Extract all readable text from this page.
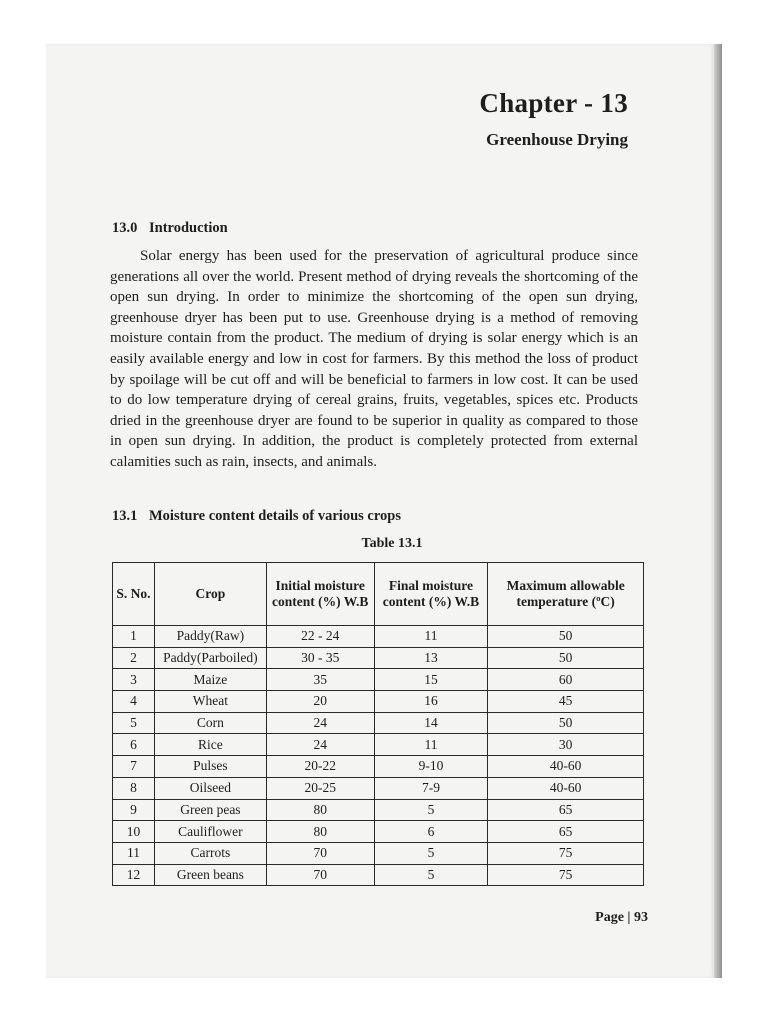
Chapter - 13
Greenhouse Drying
13.0 Introduction

Solar energy has been used for the preservation of agricultural produce since generations all over the world. Present method of drying reveals the shortcoming of the open sun drying. In order to minimize the shortcoming of the open sun drying, greenhouse dryer has been put to use. Greenhouse drying is a method of removing moisture contain from the product. The medium of drying is solar energy which is an easily available energy and low in cost for farmers. By this method the loss of product by spoilage will be cut off and will be beneficial to farmers in low cost. It can be used to do low temperature drying of cereal grains, fruits, vegetables, spices etc. Products dried in the greenhouse dryer are found to be superior in quality as compared to those in open sun drying. In addition, the product is completely protected from external calamities such as rain, insects, and animals.

13.1 Moisture content details of various crops
Table 13.1
S. No.	Crop	Initial moisture content (%) W.B	Final moisture content (%) W.B	Maximum allowable temperature (ºC)
1	Paddy(Raw)	22 - 24	11	50
2	Paddy(Parboiled)	30 - 35	13	50
3	Maize	35	15	60
4	Wheat	20	16	45
5	Corn	24	14	50
6	Rice	24	11	30
7	Pulses	20-22	9-10	40-60
8	Oilseed	20-25	7-9	40-60
9	Green peas	80	5	65
10	Cauliflower	80	6	65
11	Carrots	70	5	75
12	Green beans	70	5	75
Page | 93
